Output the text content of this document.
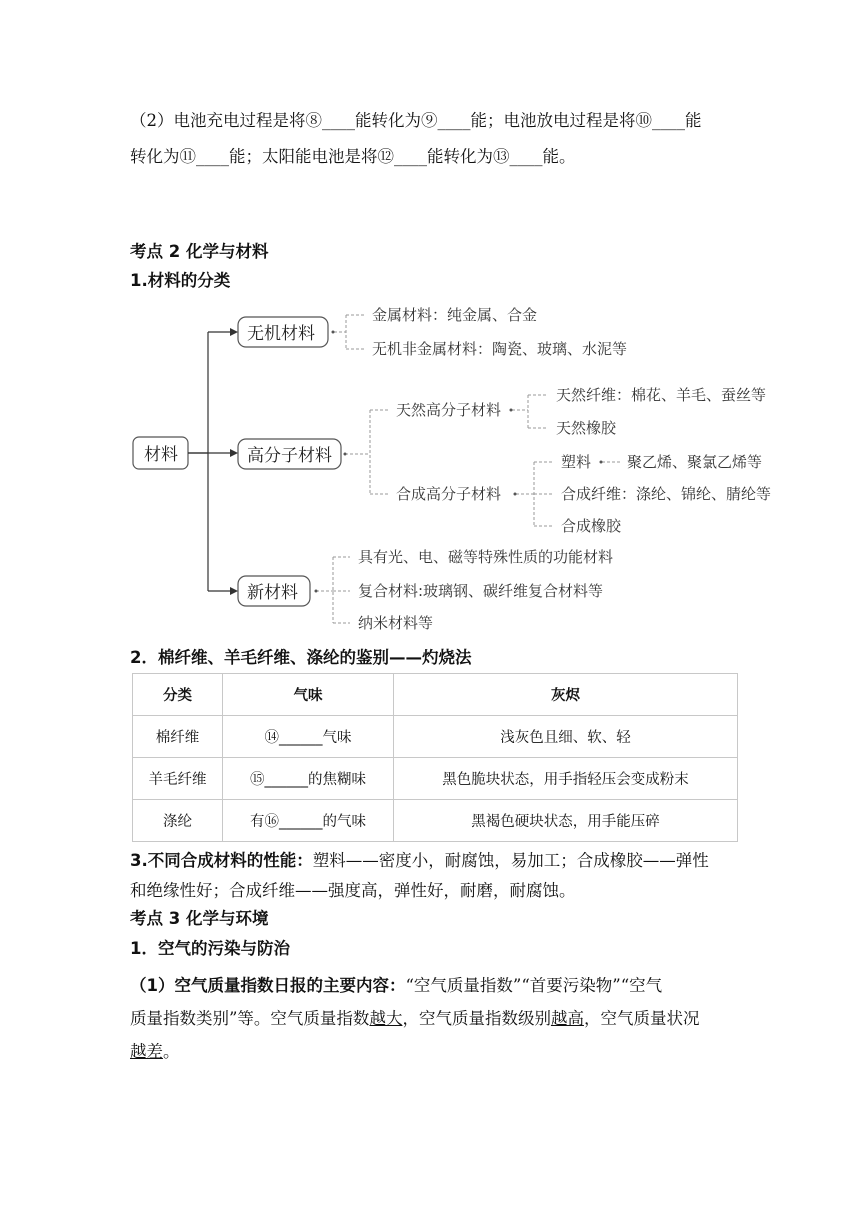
（2）电池充电过程是将⑧____能转化为⑨____能；电池放电过程是将⑩____能
转化为⑪____能；太阳能电池是将⑫____能转化为⑬____能。
考点 2 化学与材料
1.材料的分类
材料
无机材料
金属材料：纯金属、合金
无机非金属材料：陶瓷、玻璃、水泥等
高分子材料
天然高分子材料
天然纤维：棉花、羊毛、蚕丝等
天然橡胶
合成高分子材料
塑料 聚乙烯、聚氯乙烯等
合成纤维：涤纶、锦纶、腈纶等
合成橡胶
新材料
具有光、电、磁等特殊性质的功能材料
复合材料:玻璃钢、碳纤维复合材料等
纳米材料等
2．棉纤维、羊毛纤维、涤纶的鉴别——灼烧法
分类	气味	灰烬
棉纤维	⑭______气味	浅灰色且细、软、轻
羊毛纤维	⑮______的焦糊味	黑色脆块状态，用手指轻压会变成粉末
涤纶	有⑯______的气味	黑褐色硬块状态，用手能压碎
3.不同合成材料的性能：塑料——密度小，耐腐蚀，易加工；合成橡胶——弹性
和绝缘性好；合成纤维——强度高，弹性好，耐磨，耐腐蚀。
考点 3 化学与环境
1．空气的污染与防治
（1）空气质量指数日报的主要内容：“空气质量指数”“首要污染物”“空气
质量指数类别”等。空气质量指数越大，空气质量指数级别越高，空气质量状况
越差。
